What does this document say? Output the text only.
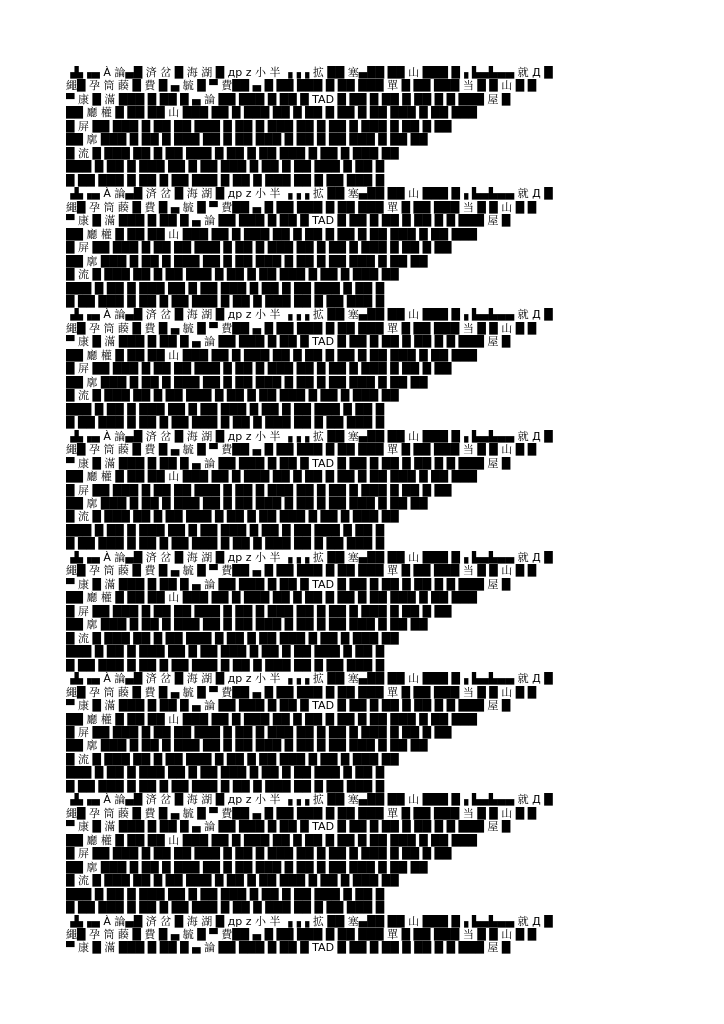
▗▙▗▄ À 論▄█ 済 岔 █ 海 湖 █ др z 小 半 ▗▗▗ 拡 ██ 塞▄██ ██ 山 ███ █▗ ▙▄▙▄▄ 就 Д █
繩█ 孕 筒 藈 █ 費 █ ▄ 毓 █ ▀ 費██ ▄ █ ██ ███ █ ██ ███ 單 █ ██ ███ 当 █ █ 山 █ █
▀ 康 █ 滿 ███ █ ██ █ ▄ 論 ██ ███ █ ██ █ TAD █ ██ █ ██ █ ██ █ █ ███ 屋 █
██ 廳 權 █ ██ ██ 山 ███ ██ █ ███ ██ █ ██ █ ██ █ ██ ███ █ ██ ███
█ 屏 ██ ███ █ ██ ██ ███ █ ██ █ ███ ██ █ ██ █ ███ █ ██ █ ██
██ 廓 ███ █ ██ █ ███ ██ █ ██ ███ █ ██ █ ██ ███ █ ██ ██
█ 流 █ ███ ██ █ ██ ███ █ ██ █ ██ ███ █ ██ █ ███ ██
███ █ ██ █ ███ ██ █ ██ ███ █ ██ █ ██ ███ █ ██ █
█ ██ ███ █ ██ █ ██ ███ █ ██ █ ███ ██ █ ██ ███ █
▗▙▗▄ À 論▄█ 済 岔 █ 海 湖 █ др z 小 半 ▗▗▗ 拡 ██ 塞▄██ ██ 山 ███ █▗ ▙▄▙▄▄ 就 Д █
繩█ 孕 筒 藈 █ 費 █ ▄ 毓 █ ▀ 費██ ▄ █ ██ ███ █ ██ ███ 單 █ ██ ███ 当 █ █ 山 █ █
▀ 康 █ 滿 ███ █ ██ █ ▄ 論 ██ ███ █ ██ █ TAD █ ██ █ ██ █ ██ █ █ ███ 屋 █
██ 廳 權 █ ██ ██ 山 ███ ██ █ ███ ██ █ ██ █ ██ █ ██ ███ █ ██ ███
█ 屏 ██ ███ █ ██ ██ ███ █ ██ █ ███ ██ █ ██ █ ███ █ ██ █ ██
██ 廓 ███ █ ██ █ ███ ██ █ ██ ███ █ ██ █ ██ ███ █ ██ ██
█ 流 █ ███ ██ █ ██ ███ █ ██ █ ██ ███ █ ██ █ ███ ██
███ █ ██ █ ███ ██ █ ██ ███ █ ██ █ ██ ███ █ ██ █
█ ██ ███ █ ██ █ ██ ███ █ ██ █ ███ ██ █ ██ ███ █
▗▙▗▄ À 論▄█ 済 岔 █ 海 湖 █ др z 小 半 ▗▗▗ 拡 ██ 塞▄██ ██ 山 ███ █▗ ▙▄▙▄▄ 就 Д █
繩█ 孕 筒 藈 █ 費 █ ▄ 毓 █ ▀ 費██ ▄ █ ██ ███ █ ██ ███ 單 █ ██ ███ 当 █ █ 山 █ █
▀ 康 █ 滿 ███ █ ██ █ ▄ 論 ██ ███ █ ██ █ TAD █ ██ █ ██ █ ██ █ █ ███ 屋 █
██ 廳 權 █ ██ ██ 山 ███ ██ █ ███ ██ █ ██ █ ██ █ ██ ███ █ ██ ███
█ 屏 ██ ███ █ ██ ██ ███ █ ██ █ ███ ██ █ ██ █ ███ █ ██ █ ██
██ 廓 ███ █ ██ █ ███ ██ █ ██ ███ █ ██ █ ██ ███ █ ██ ██
█ 流 █ ███ ██ █ ██ ███ █ ██ █ ██ ███ █ ██ █ ███ ██
███ █ ██ █ ███ ██ █ ██ ███ █ ██ █ ██ ███ █ ██ █
█ ██ ███ █ ██ █ ██ ███ █ ██ █ ███ ██ █ ██ ███ █
▗▙▗▄ À 論▄█ 済 岔 █ 海 湖 █ др z 小 半 ▗▗▗ 拡 ██ 塞▄██ ██ 山 ███ █▗ ▙▄▙▄▄ 就 Д █
繩█ 孕 筒 藈 █ 費 █ ▄ 毓 █ ▀ 費██ ▄ █ ██ ███ █ ██ ███ 單 █ ██ ███ 当 █ █ 山 █ █
▀ 康 █ 滿 ███ █ ██ █ ▄ 論 ██ ███ █ ██ █ TAD █ ██ █ ██ █ ██ █ █ ███ 屋 █
██ 廳 權 █ ██ ██ 山 ███ ██ █ ███ ██ █ ██ █ ██ █ ██ ███ █ ██ ███
█ 屏 ██ ███ █ ██ ██ ███ █ ██ █ ███ ██ █ ██ █ ███ █ ██ █ ██
██ 廓 ███ █ ██ █ ███ ██ █ ██ ███ █ ██ █ ██ ███ █ ██ ██
█ 流 █ ███ ██ █ ██ ███ █ ██ █ ██ ███ █ ██ █ ███ ██
███ █ ██ █ ███ ██ █ ██ ███ █ ██ █ ██ ███ █ ██ █
█ ██ ███ █ ██ █ ██ ███ █ ██ █ ███ ██ █ ██ ███ █
▗▙▗▄ À 論▄█ 済 岔 █ 海 湖 █ др z 小 半 ▗▗▗ 拡 ██ 塞▄██ ██ 山 ███ █▗ ▙▄▙▄▄ 就 Д █
繩█ 孕 筒 藈 █ 費 █ ▄ 毓 █ ▀ 費██ ▄ █ ██ ███ █ ██ ███ 單 █ ██ ███ 当 █ █ 山 █ █
▀ 康 █ 滿 ███ █ ██ █ ▄ 論 ██ ███ █ ██ █ TAD █ ██ █ ██ █ ██ █ █ ███ 屋 █
██ 廳 權 █ ██ ██ 山 ███ ██ █ ███ ██ █ ██ █ ██ █ ██ ███ █ ██ ███
█ 屏 ██ ███ █ ██ ██ ███ █ ██ █ ███ ██ █ ██ █ ███ █ ██ █ ██
██ 廓 ███ █ ██ █ ███ ██ █ ██ ███ █ ██ █ ██ ███ █ ██ ██
█ 流 █ ███ ██ █ ██ ███ █ ██ █ ██ ███ █ ██ █ ███ ██
███ █ ██ █ ███ ██ █ ██ ███ █ ██ █ ██ ███ █ ██ █
█ ██ ███ █ ██ █ ██ ███ █ ██ █ ███ ██ █ ██ ███ █
▗▙▗▄ À 論▄█ 済 岔 █ 海 湖 █ др z 小 半 ▗▗▗ 拡 ██ 塞▄██ ██ 山 ███ █▗ ▙▄▙▄▄ 就 Д █
繩█ 孕 筒 藈 █ 費 █ ▄ 毓 █ ▀ 費██ ▄ █ ██ ███ █ ██ ███ 單 █ ██ ███ 当 █ █ 山 █ █
▀ 康 █ 滿 ███ █ ██ █ ▄ 論 ██ ███ █ ██ █ TAD █ ██ █ ██ █ ██ █ █ ███ 屋 █
██ 廳 權 █ ██ ██ 山 ███ ██ █ ███ ██ █ ██ █ ██ █ ██ ███ █ ██ ███
█ 屏 ██ ███ █ ██ ██ ███ █ ██ █ ███ ██ █ ██ █ ███ █ ██ █ ██
██ 廓 ███ █ ██ █ ███ ██ █ ██ ███ █ ██ █ ██ ███ █ ██ ██
█ 流 █ ███ ██ █ ██ ███ █ ██ █ ██ ███ █ ██ █ ███ ██
███ █ ██ █ ███ ██ █ ██ ███ █ ██ █ ██ ███ █ ██ █
█ ██ ███ █ ██ █ ██ ███ █ ██ █ ███ ██ █ ██ ███ █
▗▙▗▄ À 論▄█ 済 岔 █ 海 湖 █ др z 小 半 ▗▗▗ 拡 ██ 塞▄██ ██ 山 ███ █▗ ▙▄▙▄▄ 就 Д █
繩█ 孕 筒 藈 █ 費 █ ▄ 毓 █ ▀ 費██ ▄ █ ██ ███ █ ██ ███ 單 █ ██ ███ 当 █ █ 山 █ █
▀ 康 █ 滿 ███ █ ██ █ ▄ 論 ██ ███ █ ██ █ TAD █ ██ █ ██ █ ██ █ █ ███ 屋 █
██ 廳 權 █ ██ ██ 山 ███ ██ █ ███ ██ █ ██ █ ██ █ ██ ███ █ ██ ███
█ 屏 ██ ███ █ ██ ██ ███ █ ██ █ ███ ██ █ ██ █ ███ █ ██ █ ██
██ 廓 ███ █ ██ █ ███ ██ █ ██ ███ █ ██ █ ██ ███ █ ██ ██
█ 流 █ ███ ██ █ ██ ███ █ ██ █ ██ ███ █ ██ █ ███ ██
███ █ ██ █ ███ ██ █ ██ ███ █ ██ █ ██ ███ █ ██ █
█ ██ ███ █ ██ █ ██ ███ █ ██ █ ███ ██ █ ██ ███ █
▗▙▗▄ À 論▄█ 済 岔 █ 海 湖 █ др z 小 半 ▗▗▗ 拡 ██ 塞▄██ ██ 山 ███ █▗ ▙▄▙▄▄ 就 Д █
繩█ 孕 筒 藈 █ 費 █ ▄ 毓 █ ▀ 費██ ▄ █ ██ ███ █ ██ ███ 單 █ ██ ███ 当 █ █ 山 █ █
▀ 康 █ 滿 ███ █ ██ █ ▄ 論 ██ ███ █ ██ █ TAD █ ██ █ ██ █ ██ █ █ ███ 屋 █
